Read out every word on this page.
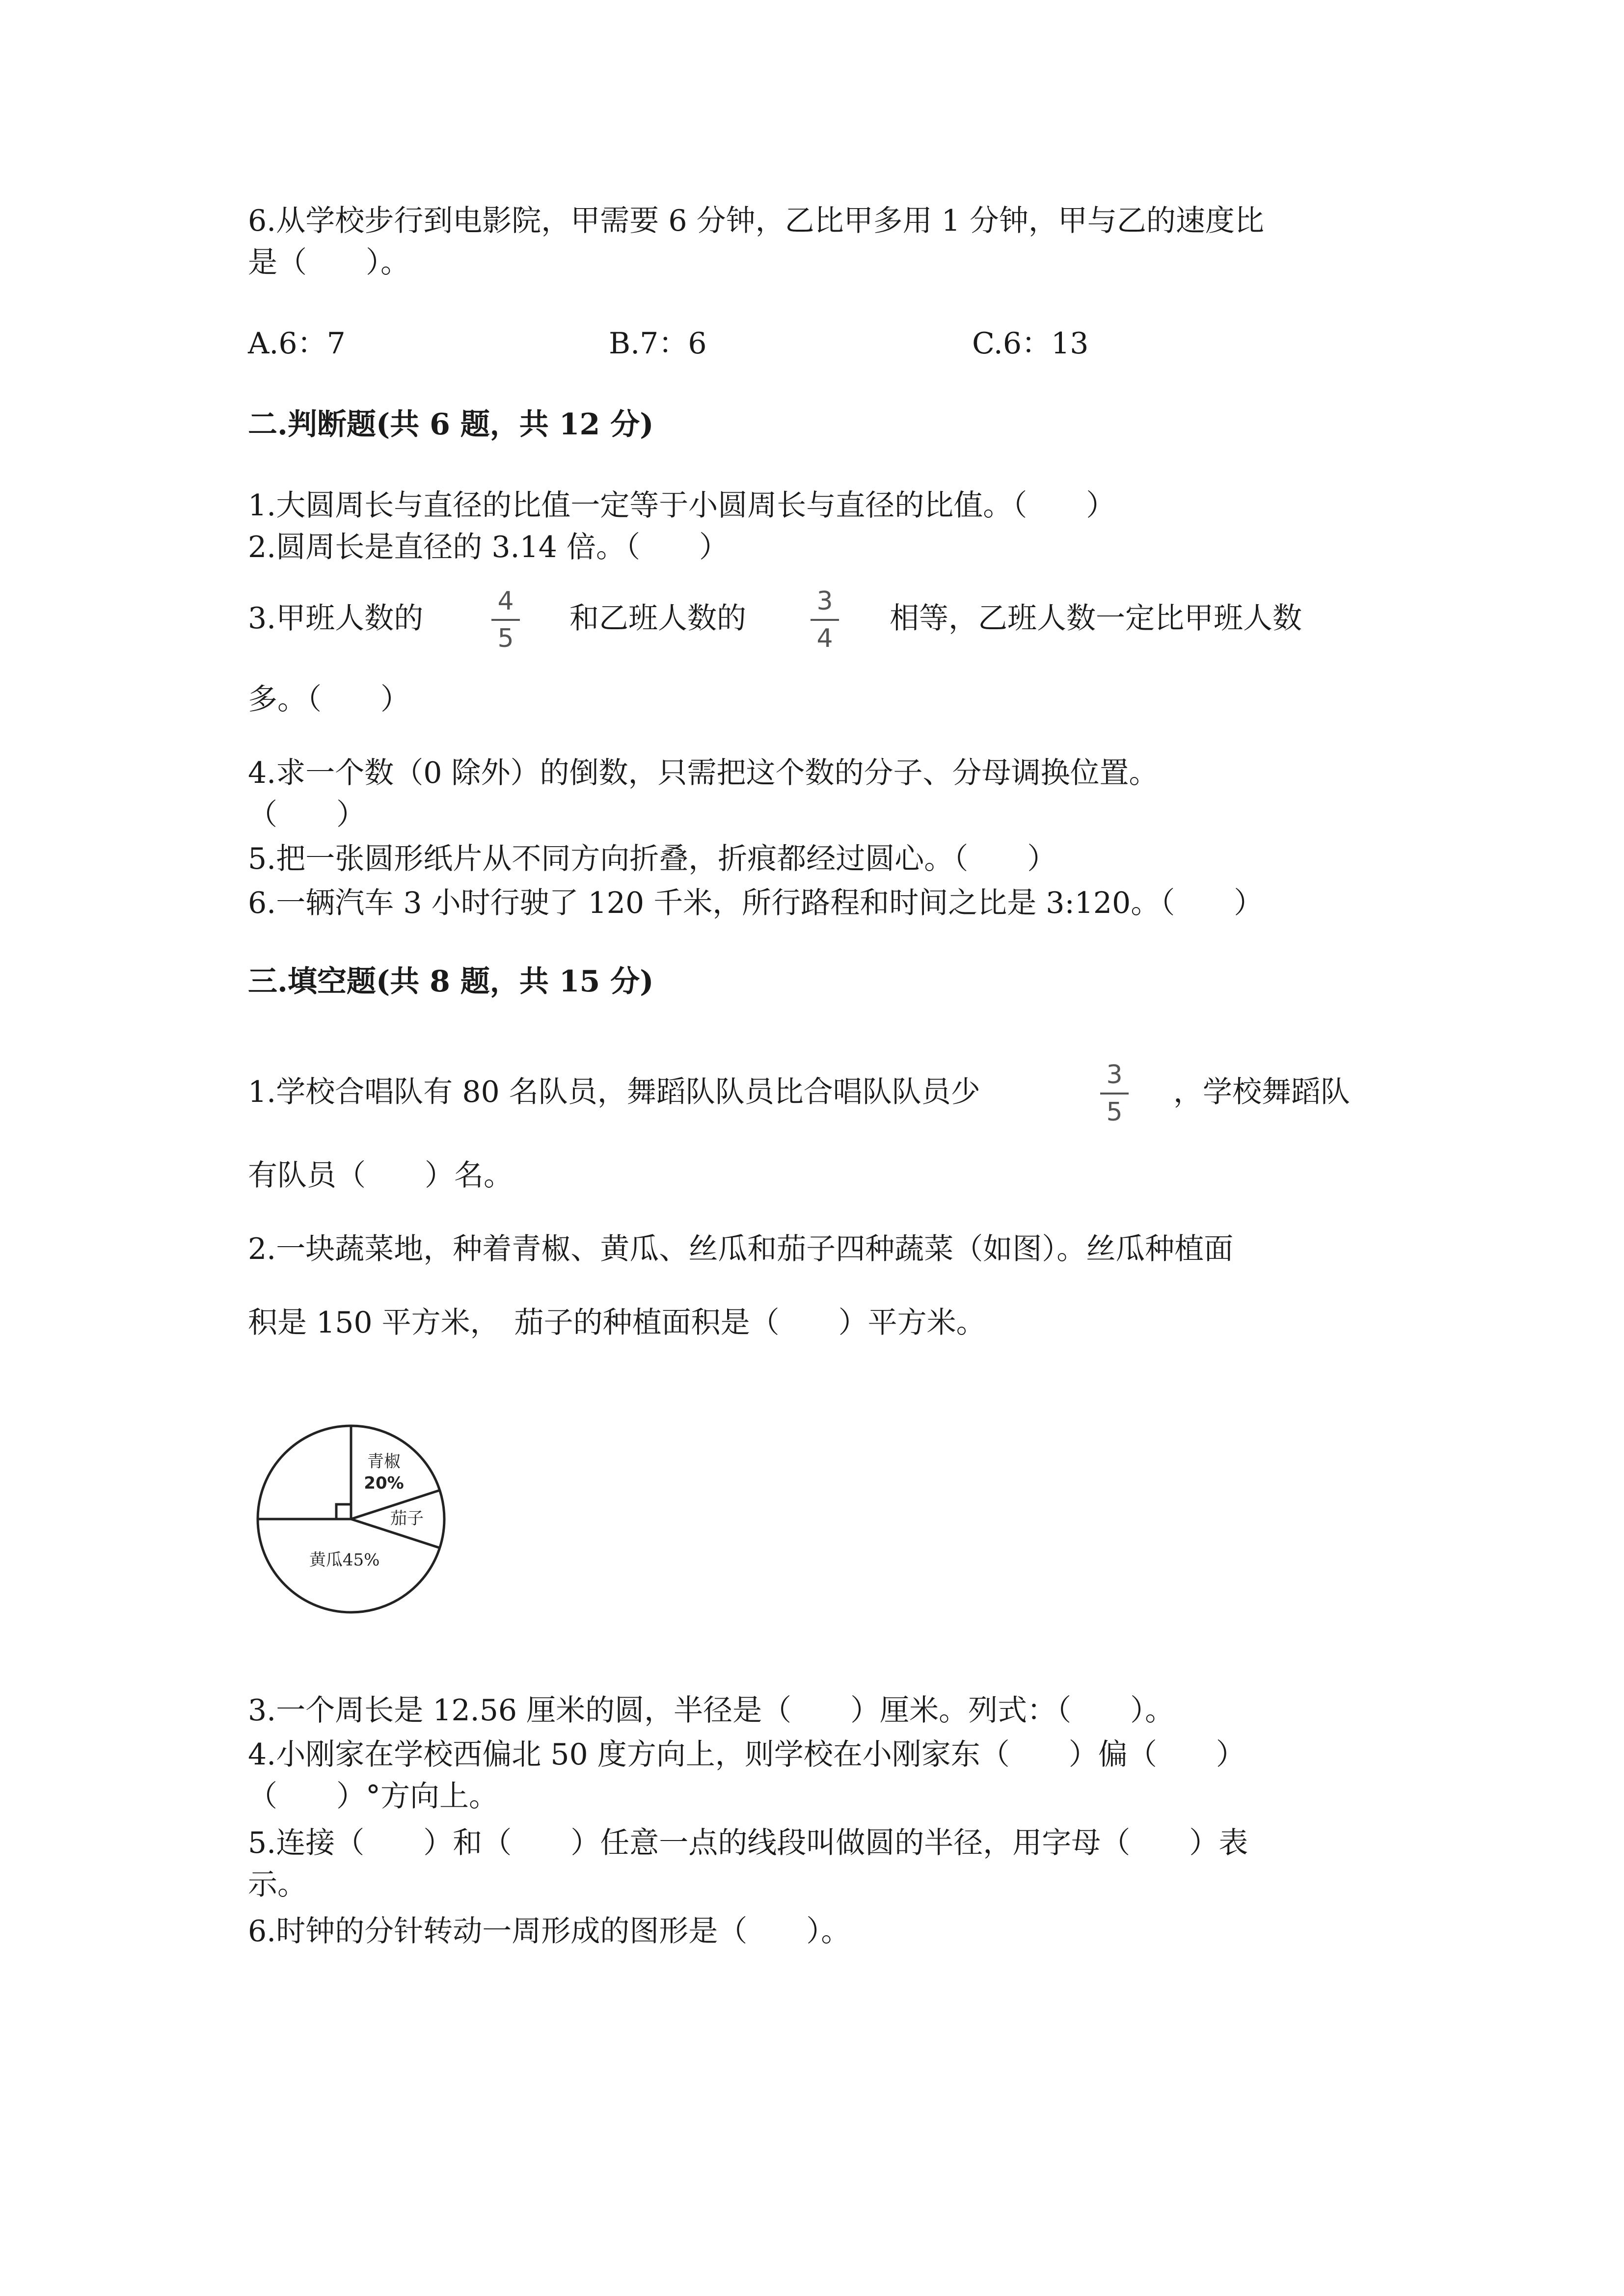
6.从学校步行到电影院，甲需要 6 分钟，乙比甲多用 1 分钟，甲与乙的速度比
是（　　）。
A.6：7	B.7：6	C.6：13
二.判断题(共 6 题，共 12 分)
1.大圆周长与直径的比值一定等于小圆周长与直径的比值。（　　）
2.圆周长是直径的 3.14 倍。（　　）
3.甲班人数的	4
5
和乙班人数的	3
4
相等，乙班人数一定比甲班人数
多。（　　）
4.求一个数（0 除外）的倒数，只需把这个数的分子、分母调换位置。
（　　）
5.把一张圆形纸片从不同方向折叠，折痕都经过圆心。（　　）
6.一辆汽车 3 小时行驶了 120 千米，所行路程和时间之比是 3:120。（　　）
三.填空题(共 8 题，共 15 分)
1.学校合唱队有 80 名队员，舞蹈队队员比合唱队队员少	3
5
，学校舞蹈队
有队员（　　）名。
2.一块蔬菜地，种着青椒、黄瓜、丝瓜和茄子四种蔬菜（如图）。丝瓜种植面
积是 150 平方米，　茄子的种植面积是（　　）平方米。
青椒
20%
茄子
黄瓜45%
3.一个周长是 12.56 厘米的圆，半径是（　　）厘米。列式：（　　）。
4.小刚家在学校西偏北 50 度方向上，则学校在小刚家东（　　）偏（　　）
（　　）°方向上。
5.连接（　　）和（　　）任意一点的线段叫做圆的半径，用字母（　　）表
示。
6.时钟的分针转动一周形成的图形是（　　）。
